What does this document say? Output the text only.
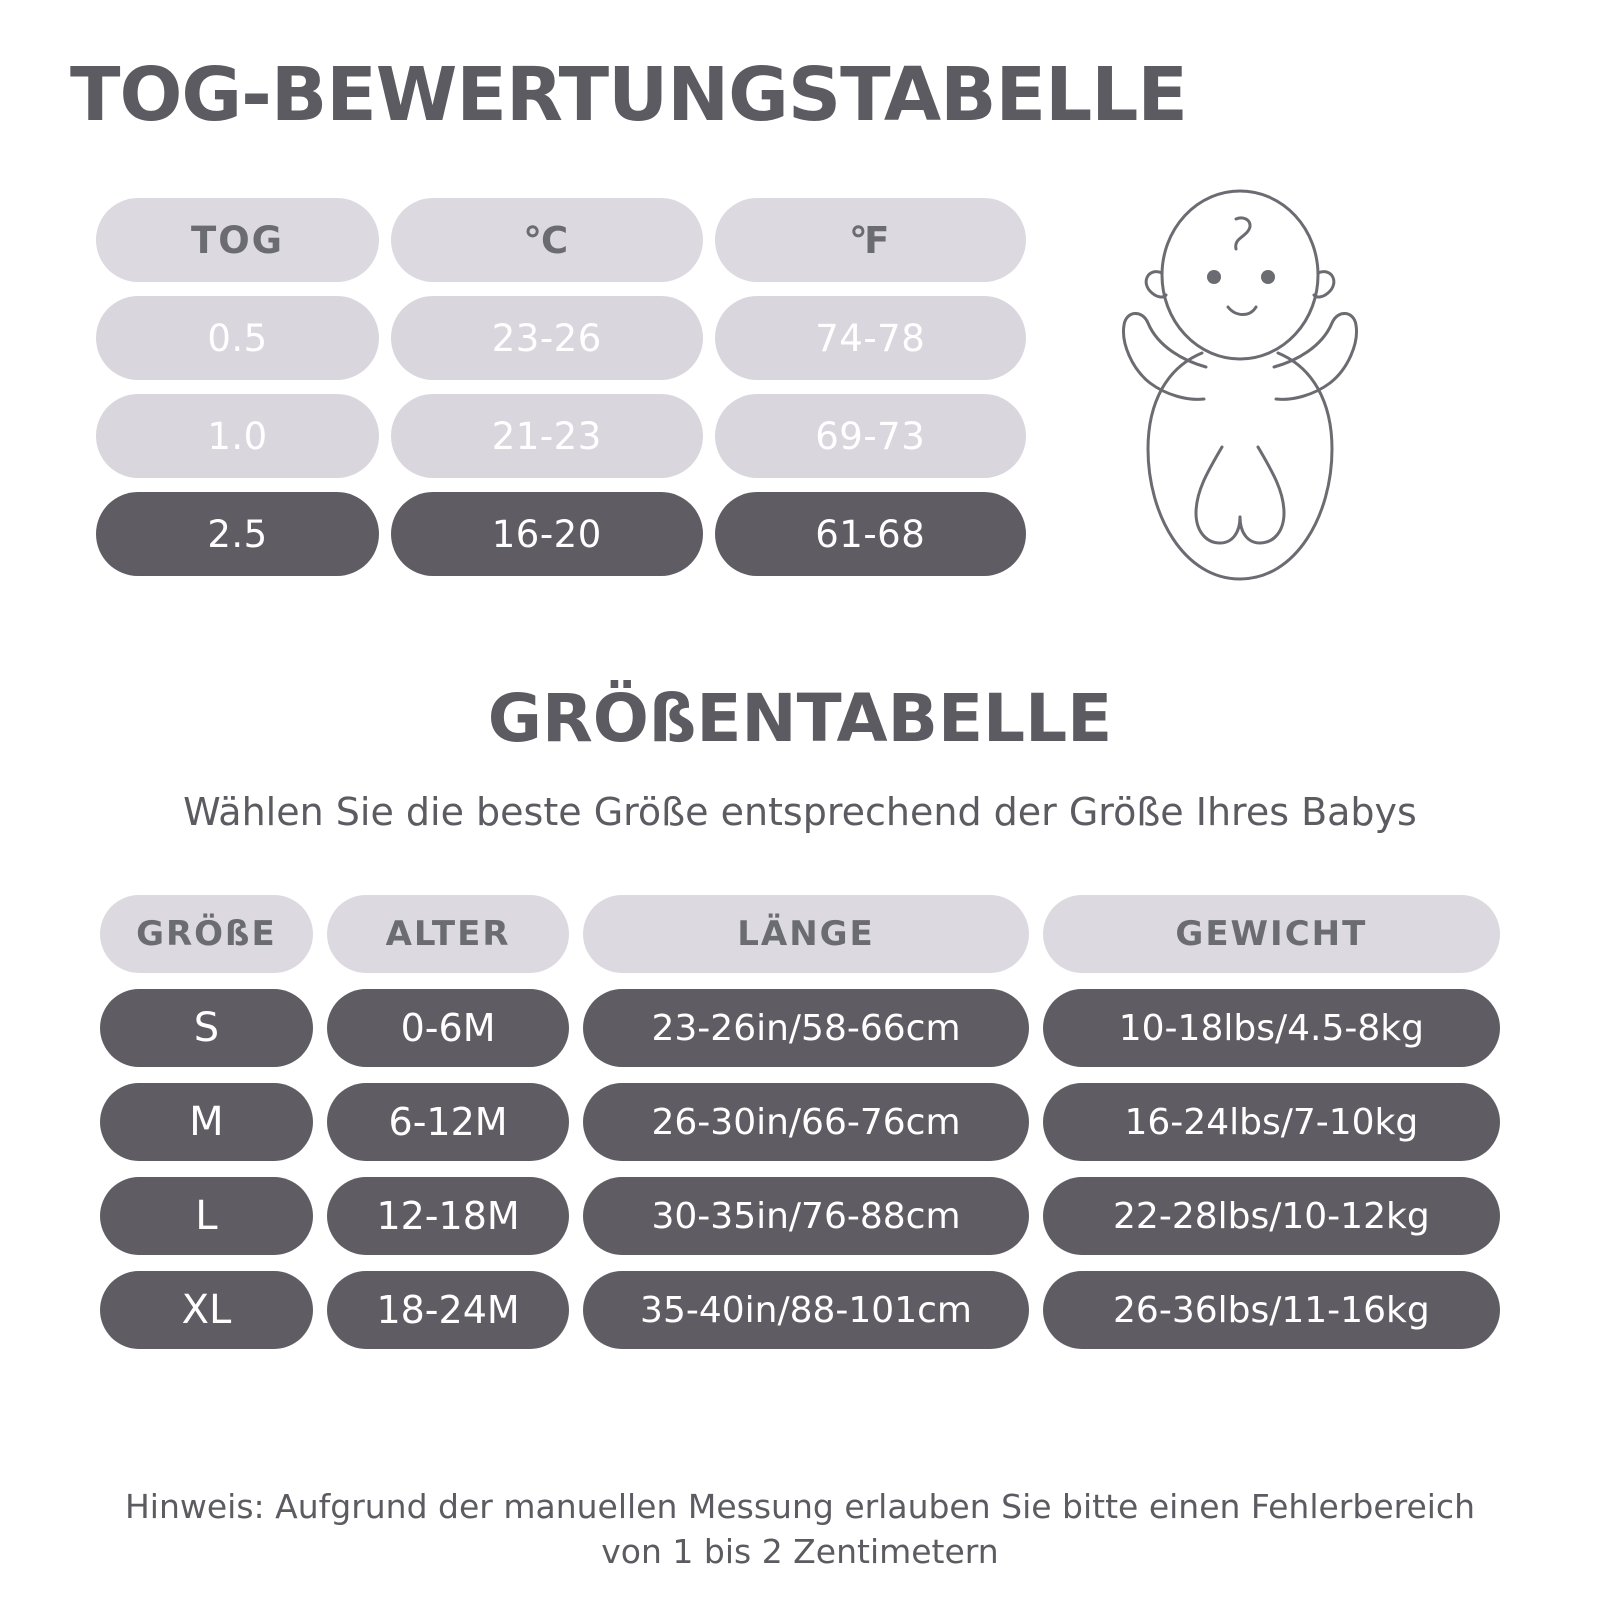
TOG-BEWERTUNGSTABELLE
TOG	℃	℉
0.5	23-26	74-78
1.0	21-23	69-73
2.5	16-20	61-68
GRÖßENTABELLE
Wählen Sie die beste Größe entsprechend der Größe Ihres Babys
GRÖßE	ALTER	LÄNGE	GEWICHT
S	0-6M	23-26in/58-66cm	10-18lbs/4.5-8kg
M	6-12M	26-30in/66-76cm	16-24lbs/7-10kg
L	12-18M	30-35in/76-88cm	22-28lbs/10-12kg
XL	18-24M	35-40in/88-101cm	26-36lbs/11-16kg
Hinweis: Aufgrund der manuellen Messung erlauben Sie bitte einen Fehlerbereich
von 1 bis 2 Zentimetern
